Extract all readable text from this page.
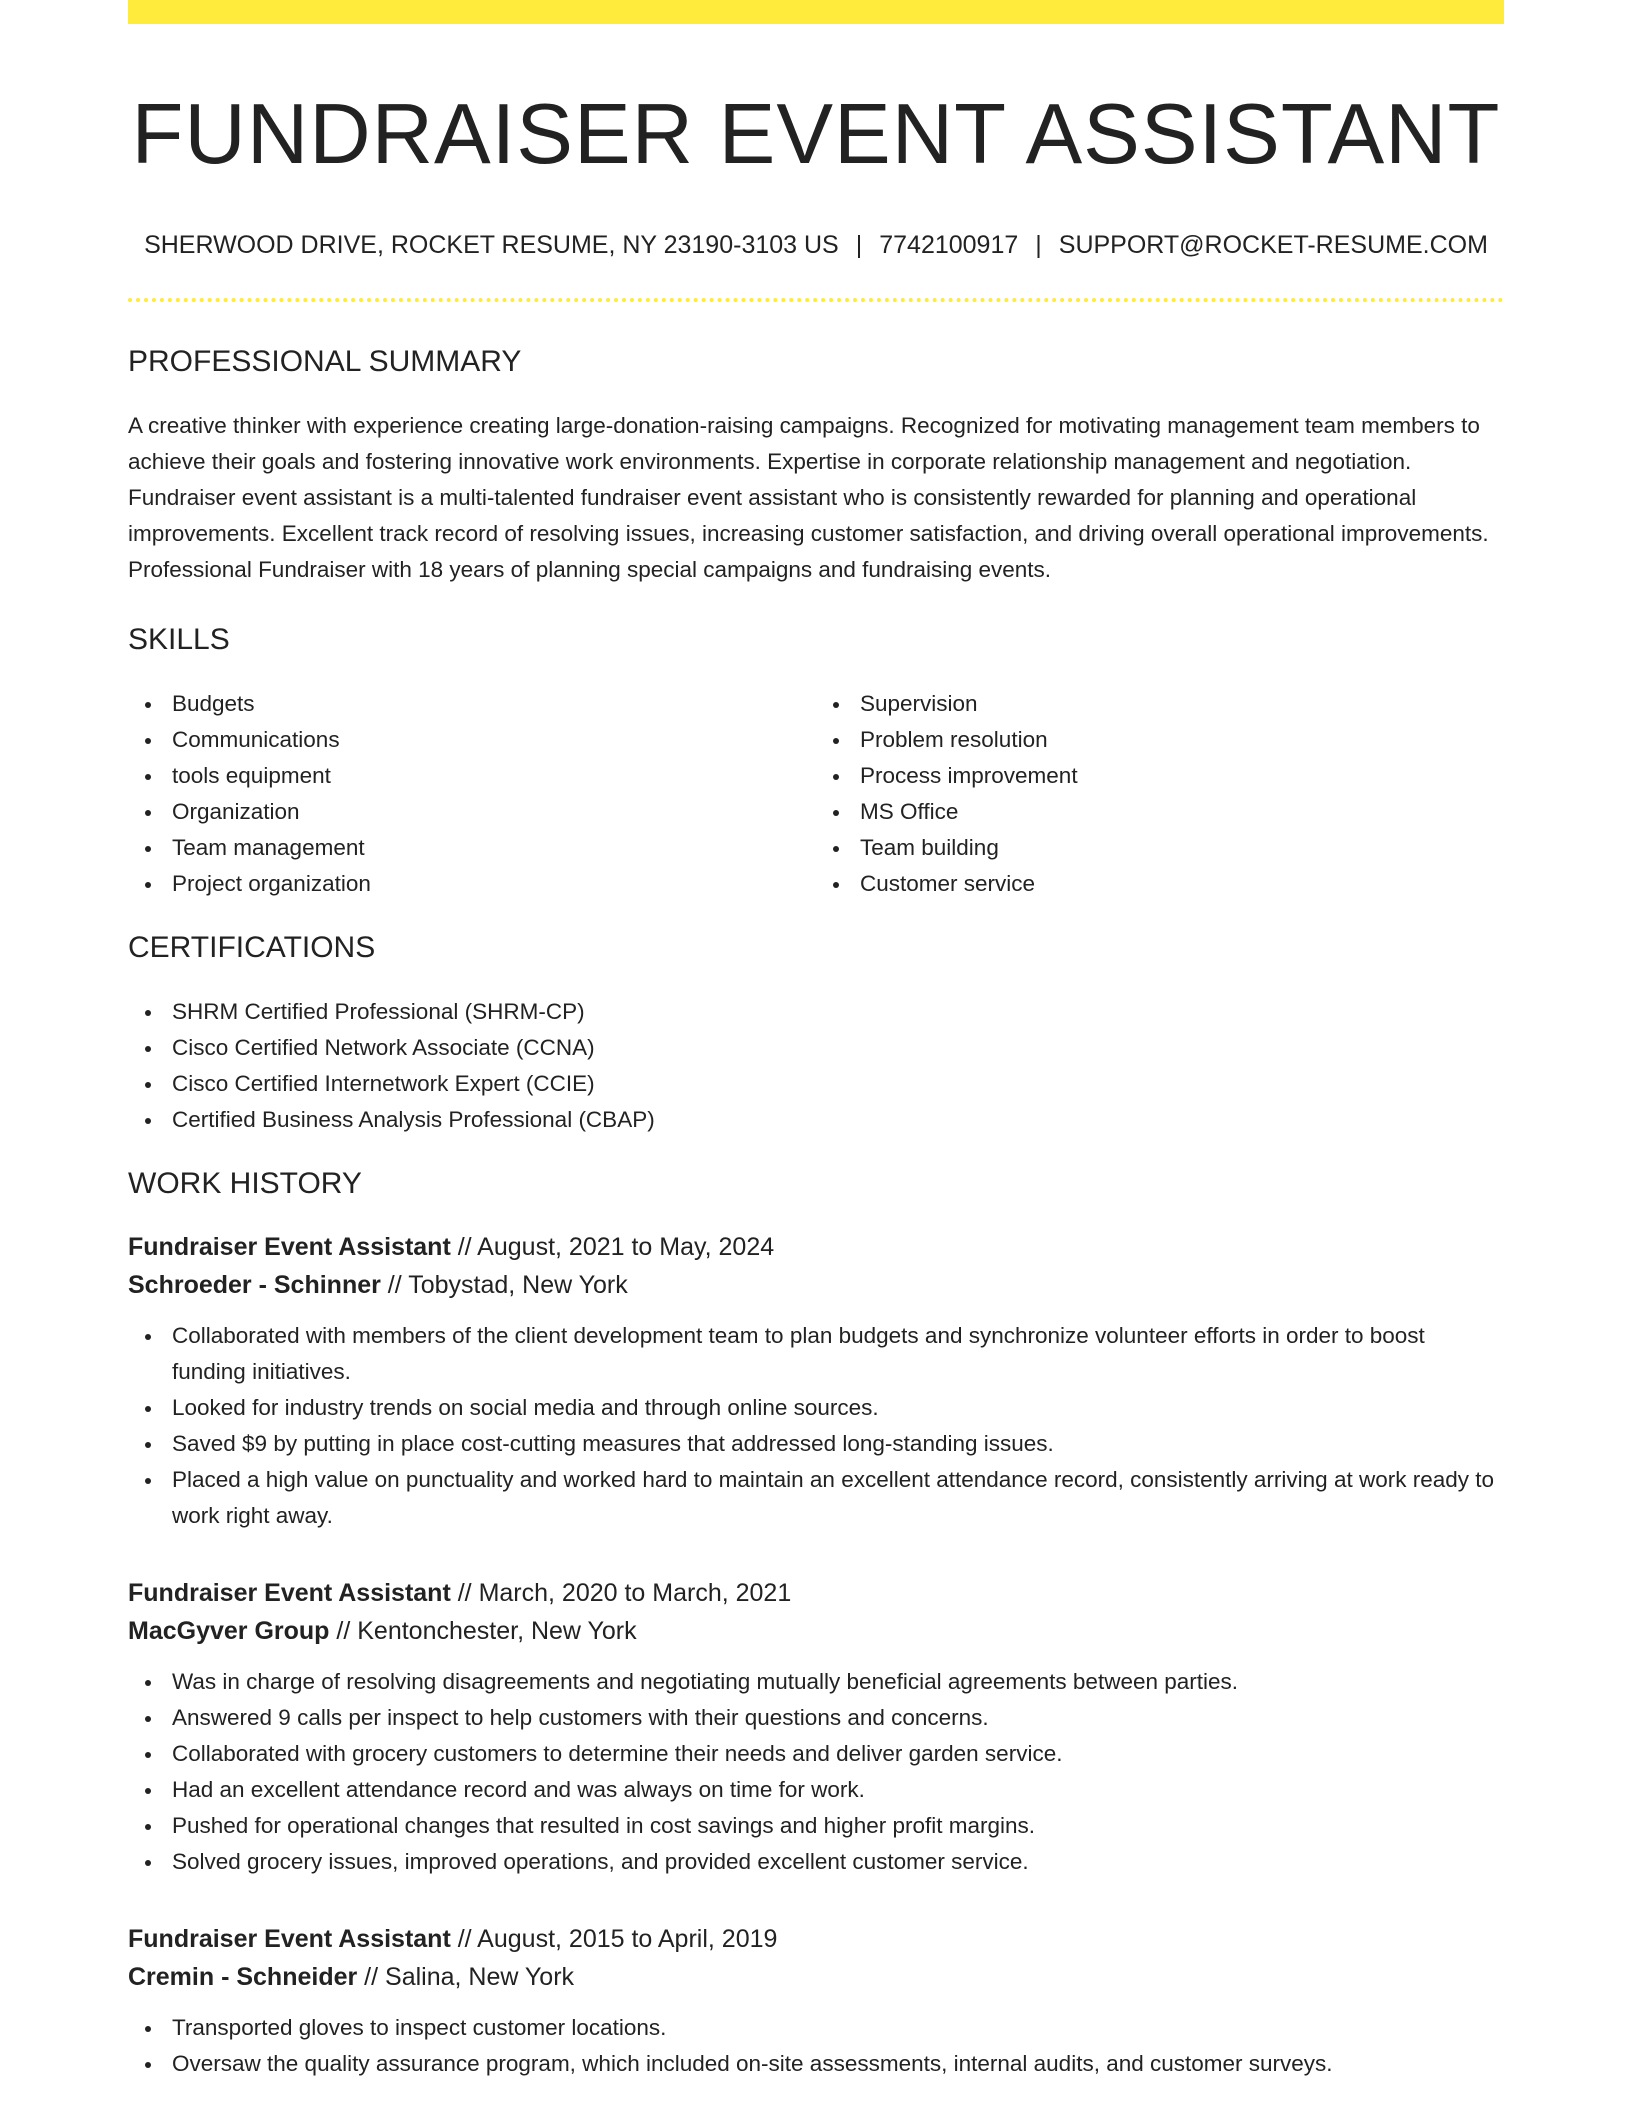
FUNDRAISER EVENT ASSISTANT
SHERWOOD DRIVE, ROCKET RESUME, NY 23190-3103 US | 7742100917 | SUPPORT@ROCKET-RESUME.COM
PROFESSIONAL SUMMARY

A creative thinker with experience creating large-donation-raising campaigns. Recognized for motivating management team members to achieve their goals and fostering innovative work environments. Expertise in corporate relationship management and negotiation. Fundraiser event assistant is a multi-talented fundraiser event assistant who is consistently rewarded for planning and operational improvements. Excellent track record of resolving issues, increasing customer satisfaction, and driving overall operational improvements. Professional Fundraiser with 18 years of planning special campaigns and fundraising events.

SKILLS
Budgets
Communications
tools equipment
Organization
Team management
Project organization
Supervision
Problem resolution
Process improvement
MS Office
Team building
Customer service
CERTIFICATIONS
SHRM Certified Professional (SHRM-CP)
Cisco Certified Network Associate (CCNA)
Cisco Certified Internetwork Expert (CCIE)
Certified Business Analysis Professional (CBAP)
WORK HISTORY
Fundraiser Event Assistant // August, 2021 to May, 2024
Schroeder - Schinner // Tobystad, New York
Collaborated with members of the client development team to plan budgets and synchronize volunteer efforts in order to boost funding initiatives.
Looked for industry trends on social media and through online sources.
Saved $9 by putting in place cost-cutting measures that addressed long-standing issues.
Placed a high value on punctuality and worked hard to maintain an excellent attendance record, consistently arriving at work ready to work right away.
Fundraiser Event Assistant // March, 2020 to March, 2021
MacGyver Group // Kentonchester, New York
Was in charge of resolving disagreements and negotiating mutually beneficial agreements between parties.
Answered 9 calls per inspect to help customers with their questions and concerns.
Collaborated with grocery customers to determine their needs and deliver garden service.
Had an excellent attendance record and was always on time for work.
Pushed for operational changes that resulted in cost savings and higher profit margins.
Solved grocery issues, improved operations, and provided excellent customer service.
Fundraiser Event Assistant // August, 2015 to April, 2019
Cremin - Schneider // Salina, New York
Transported gloves to inspect customer locations.
Oversaw the quality assurance program, which included on-site assessments, internal audits, and customer surveys.
